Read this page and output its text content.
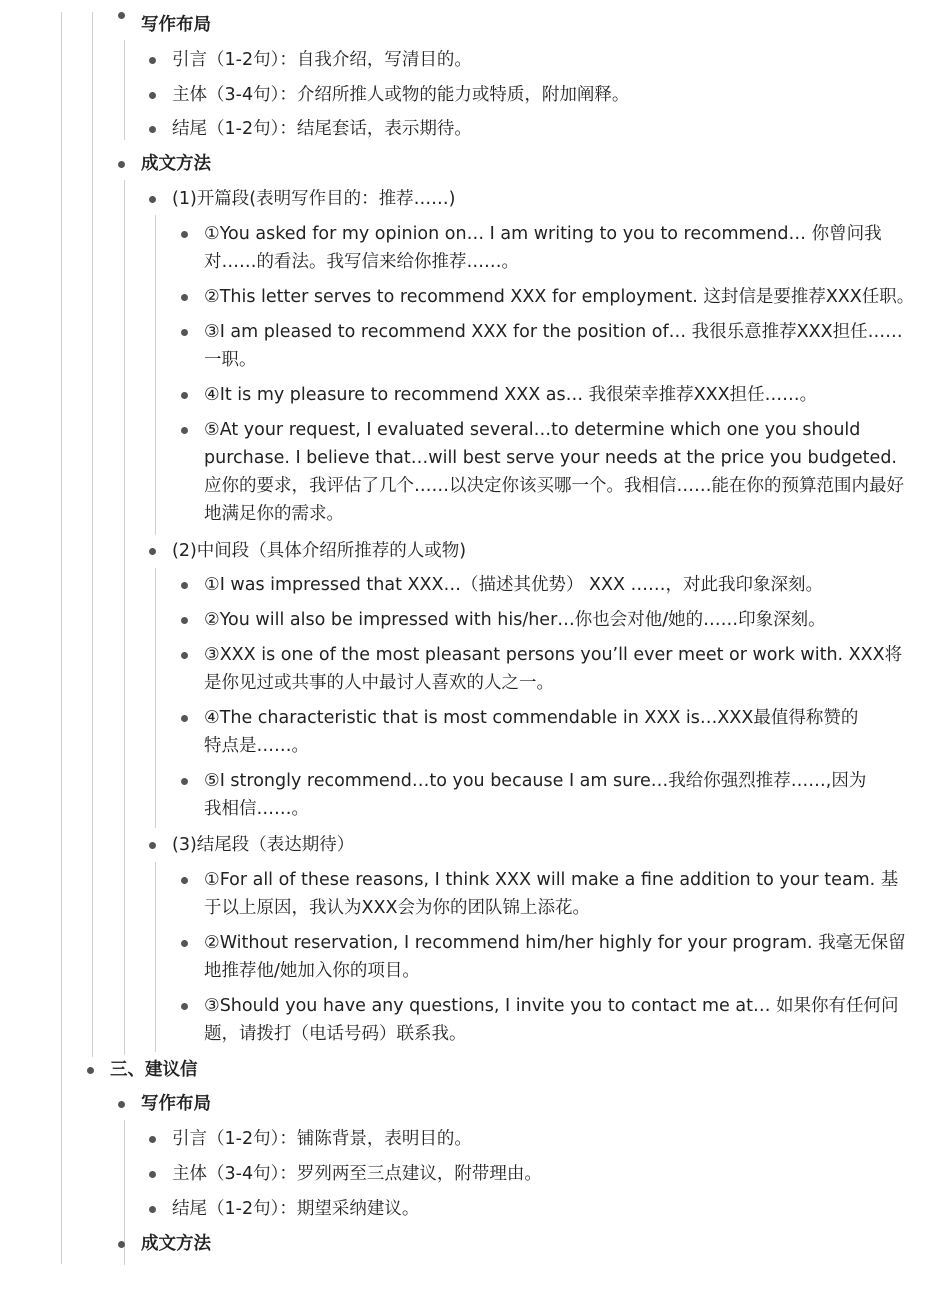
写作布局
引言（1-2句）：自我介绍，写清目的。
主体（3-4句）：介绍所推人或物的能力或特质，附加阐释。
结尾（1-2句）：结尾套话，表示期待。
成文方法
(1)开篇段(表明写作目的：推荐……)
①You asked for my opinion on… I am writing to you to recommend… 你曾问我对……的看法。我写信来给你推荐……。
②This letter serves to recommend XXX for employment. 这封信是要推荐XXX任职。
③I am pleased to recommend XXX for the position of… 我很乐意推荐XXX担任……一职。
④It is my pleasure to recommend XXX as… 我很荣幸推荐XXX担任……。
⑤At your request, I evaluated several…to determine which one you should purchase. I believe that…will best serve your needs at the price you budgeted.应你的要求，我评估了几个……以决定你该买哪一个。我相信……能在你的预算范围内最好地满足你的需求。
(2)中间段（具体介绍所推荐的人或物)
①I was impressed that XXX…（描述其优势） XXX ……，对此我印象深刻。
②You will also be impressed with his/her…你也会对他/她的……印象深刻。
③XXX is one of the most pleasant persons you’ll ever meet or work with. XXX将是你见过或共事的人中最讨人喜欢的人之一。
④The characteristic that is most commendable in XXX is…XXX最值得称赞的特点是……。
⑤I strongly recommend…to you because I am sure…我给你强烈推荐……,因为我相信……。
(3)结尾段（表达期待）
①For all of these reasons, I think XXX will make a fine addition to your team. 基于以上原因，我认为XXX会为你的团队锦上添花。
②Without reservation, I recommend him/her highly for your program. 我毫无保留地推荐他/她加入你的项目。
③Should you have any questions, I invite you to contact me at… 如果你有任何问题，请拨打（电话号码）联系我。
三、建议信
写作布局
引言（1-2句）：铺陈背景，表明目的。
主体（3-4句）：罗列两至三点建议，附带理由。
结尾（1-2句）：期望采纳建议。
成文方法
